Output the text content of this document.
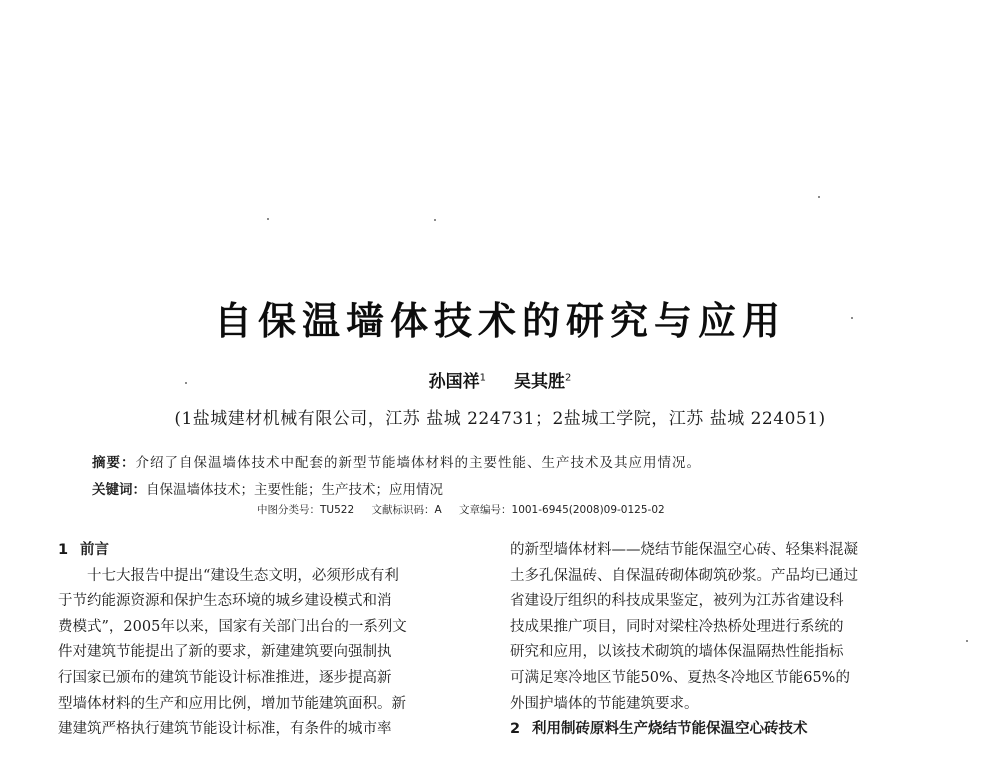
自保温墙体技术的研究与应用
孙国祥$^1$ 吴其胜$^2$
(1盐城建材机械有限公司，江苏 盐城 224731；2盐城工学院，江苏 盐城 224051)
摘要：介绍了自保温墙体技术中配套的新型节能墙体材料的主要性能、生产技术及其应用情况。
关键词：自保温墙体技术；主要性能；生产技术；应用情况
中图分类号：TU522 文献标识码：A 文章编号：1001-6945(2008)09-0125-02
1 前言
　　十七大报告中提出“建设生态文明，必须形成有利
于节约能源资源和保护生态环境的城乡建设模式和消
费模式”，2005年以来，国家有关部门出台的一系列文
件对建筑节能提出了新的要求，新建建筑要向强制执
行国家已颁布的建筑节能设计标准推进，逐步提高新
型墙体材料的生产和应用比例，增加节能建筑面积。新
建建筑严格执行建筑节能设计标准，有条件的城市率
的新型墙体材料——烧结节能保温空心砖、轻集料混凝
土多孔保温砖、自保温砖砌体砌筑砂浆。产品均已通过
省建设厅组织的科技成果鉴定，被列为江苏省建设科
技成果推广项目，同时对梁柱冷热桥处理进行系统的
研究和应用，以该技术砌筑的墙体保温隔热性能指标
可满足寒冷地区节能50%、夏热冬冷地区节能65%的
外围护墙体的节能建筑要求。
2 利用制砖原料生产烧结节能保温空心砖技术
